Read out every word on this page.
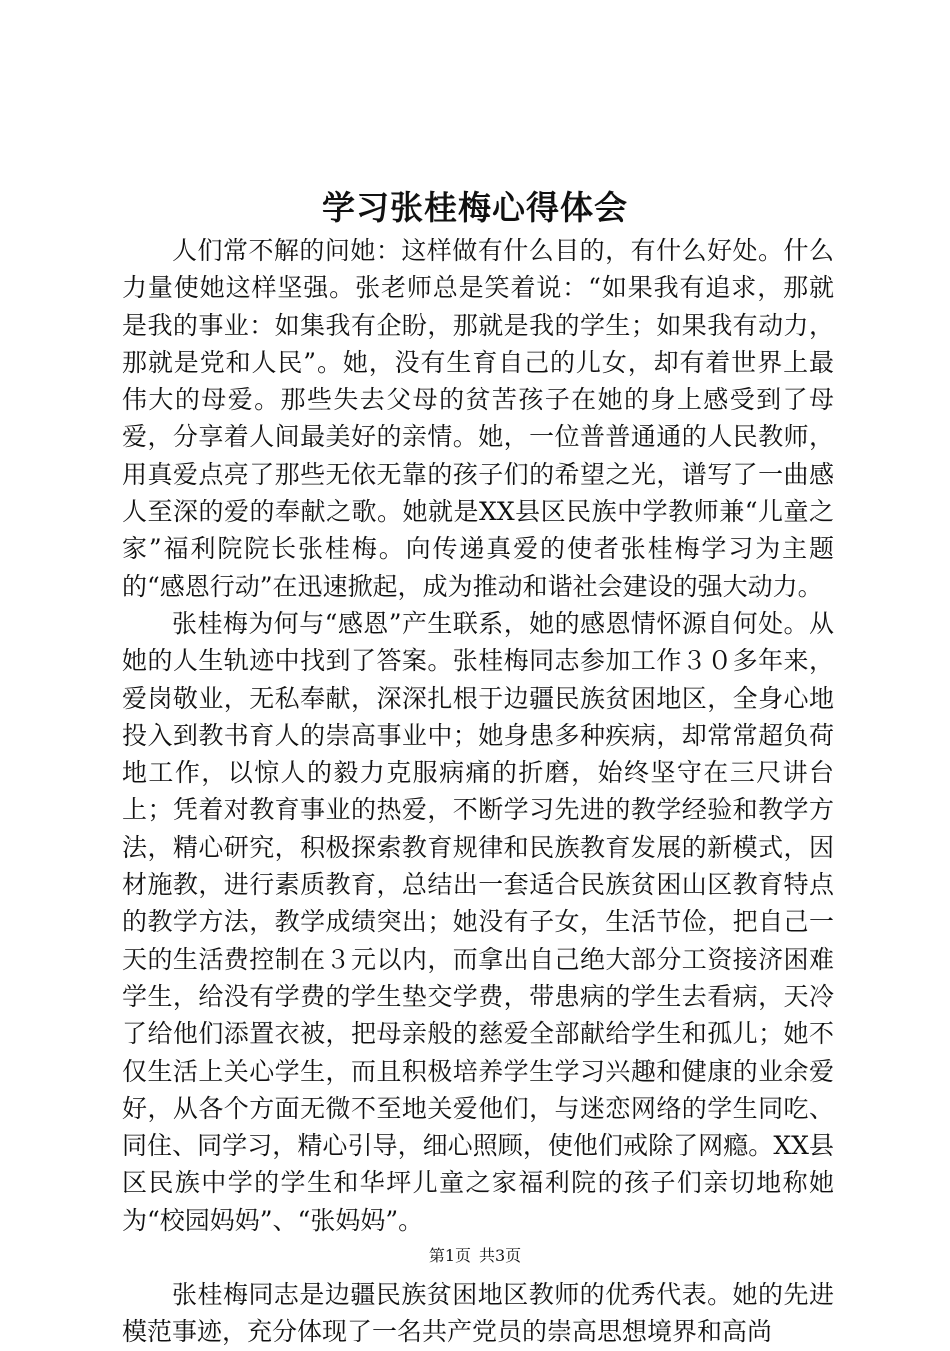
学习张桂梅心得体会

人们常不解的问她：这样做有什么目的，有什么好处。什么力量使她这样坚强。张老师总是笑着说：“如果我有追求，那就是我的事业：如集我有企盼，那就是我的学生；如果我有动力，那就是党和人民”。她，没有生育自己的儿女，却有着世界上最伟大的母爱。那些失去父母的贫苦孩子在她的身上感受到了母爱，分享着人间最美好的亲情。她，一位普普通通的人民教师，用真爱点亮了那些无依无靠的孩子们的希望之光，谱写了一曲感人至深的爱的奉献之歌。她就是XX县区民族中学教师兼“儿童之家”福利院院长张桂梅。向传递真爱的使者张桂梅学习为主题的“感恩行动”在迅速掀起，成为推动和谐社会建设的强大动力。

张桂梅为何与“感恩”产生联系，她的感恩情怀源自何处。从她的人生轨迹中找到了答案。张桂梅同志参加工作３０多年来，爱岗敬业，无私奉献，深深扎根于边疆民族贫困地区，全身心地投入到教书育人的崇高事业中；她身患多种疾病，却常常超负荷地工作，以惊人的毅力克服病痛的折磨，始终坚守在三尺讲台上；凭着对教育事业的热爱，不断学习先进的教学经验和教学方法，精心研究，积极探索教育规律和民族教育发展的新模式，因材施教，进行素质教育，总结出一套适合民族贫困山区教育特点的教学方法，教学成绩突出；她没有子女，生活节俭，把自己一天的生活费控制在３元以内，而拿出自己绝大部分工资接济困难学生，给没有学费的学生垫交学费，带患病的学生去看病，天冷了给他们添置衣被，把母亲般的慈爱全部献给学生和孤儿；她不仅生活上关心学生，而且积极培养学生学习兴趣和健康的业余爱好，从各个方面无微不至地关爱他们，与迷恋网络的学生同吃、同住、同学习，精心引导，细心照顾，使他们戒除了网瘾。XX县区民族中学的学生和华坪儿童之家福利院的孩子们亲切地称她为“校园妈妈”、“张妈妈”。

张桂梅同志是边疆民族贫困地区教师的优秀代表。她的先进模范事迹，充分体现了一名共产党员的崇高思想境界和高尚

第1页 共3页
